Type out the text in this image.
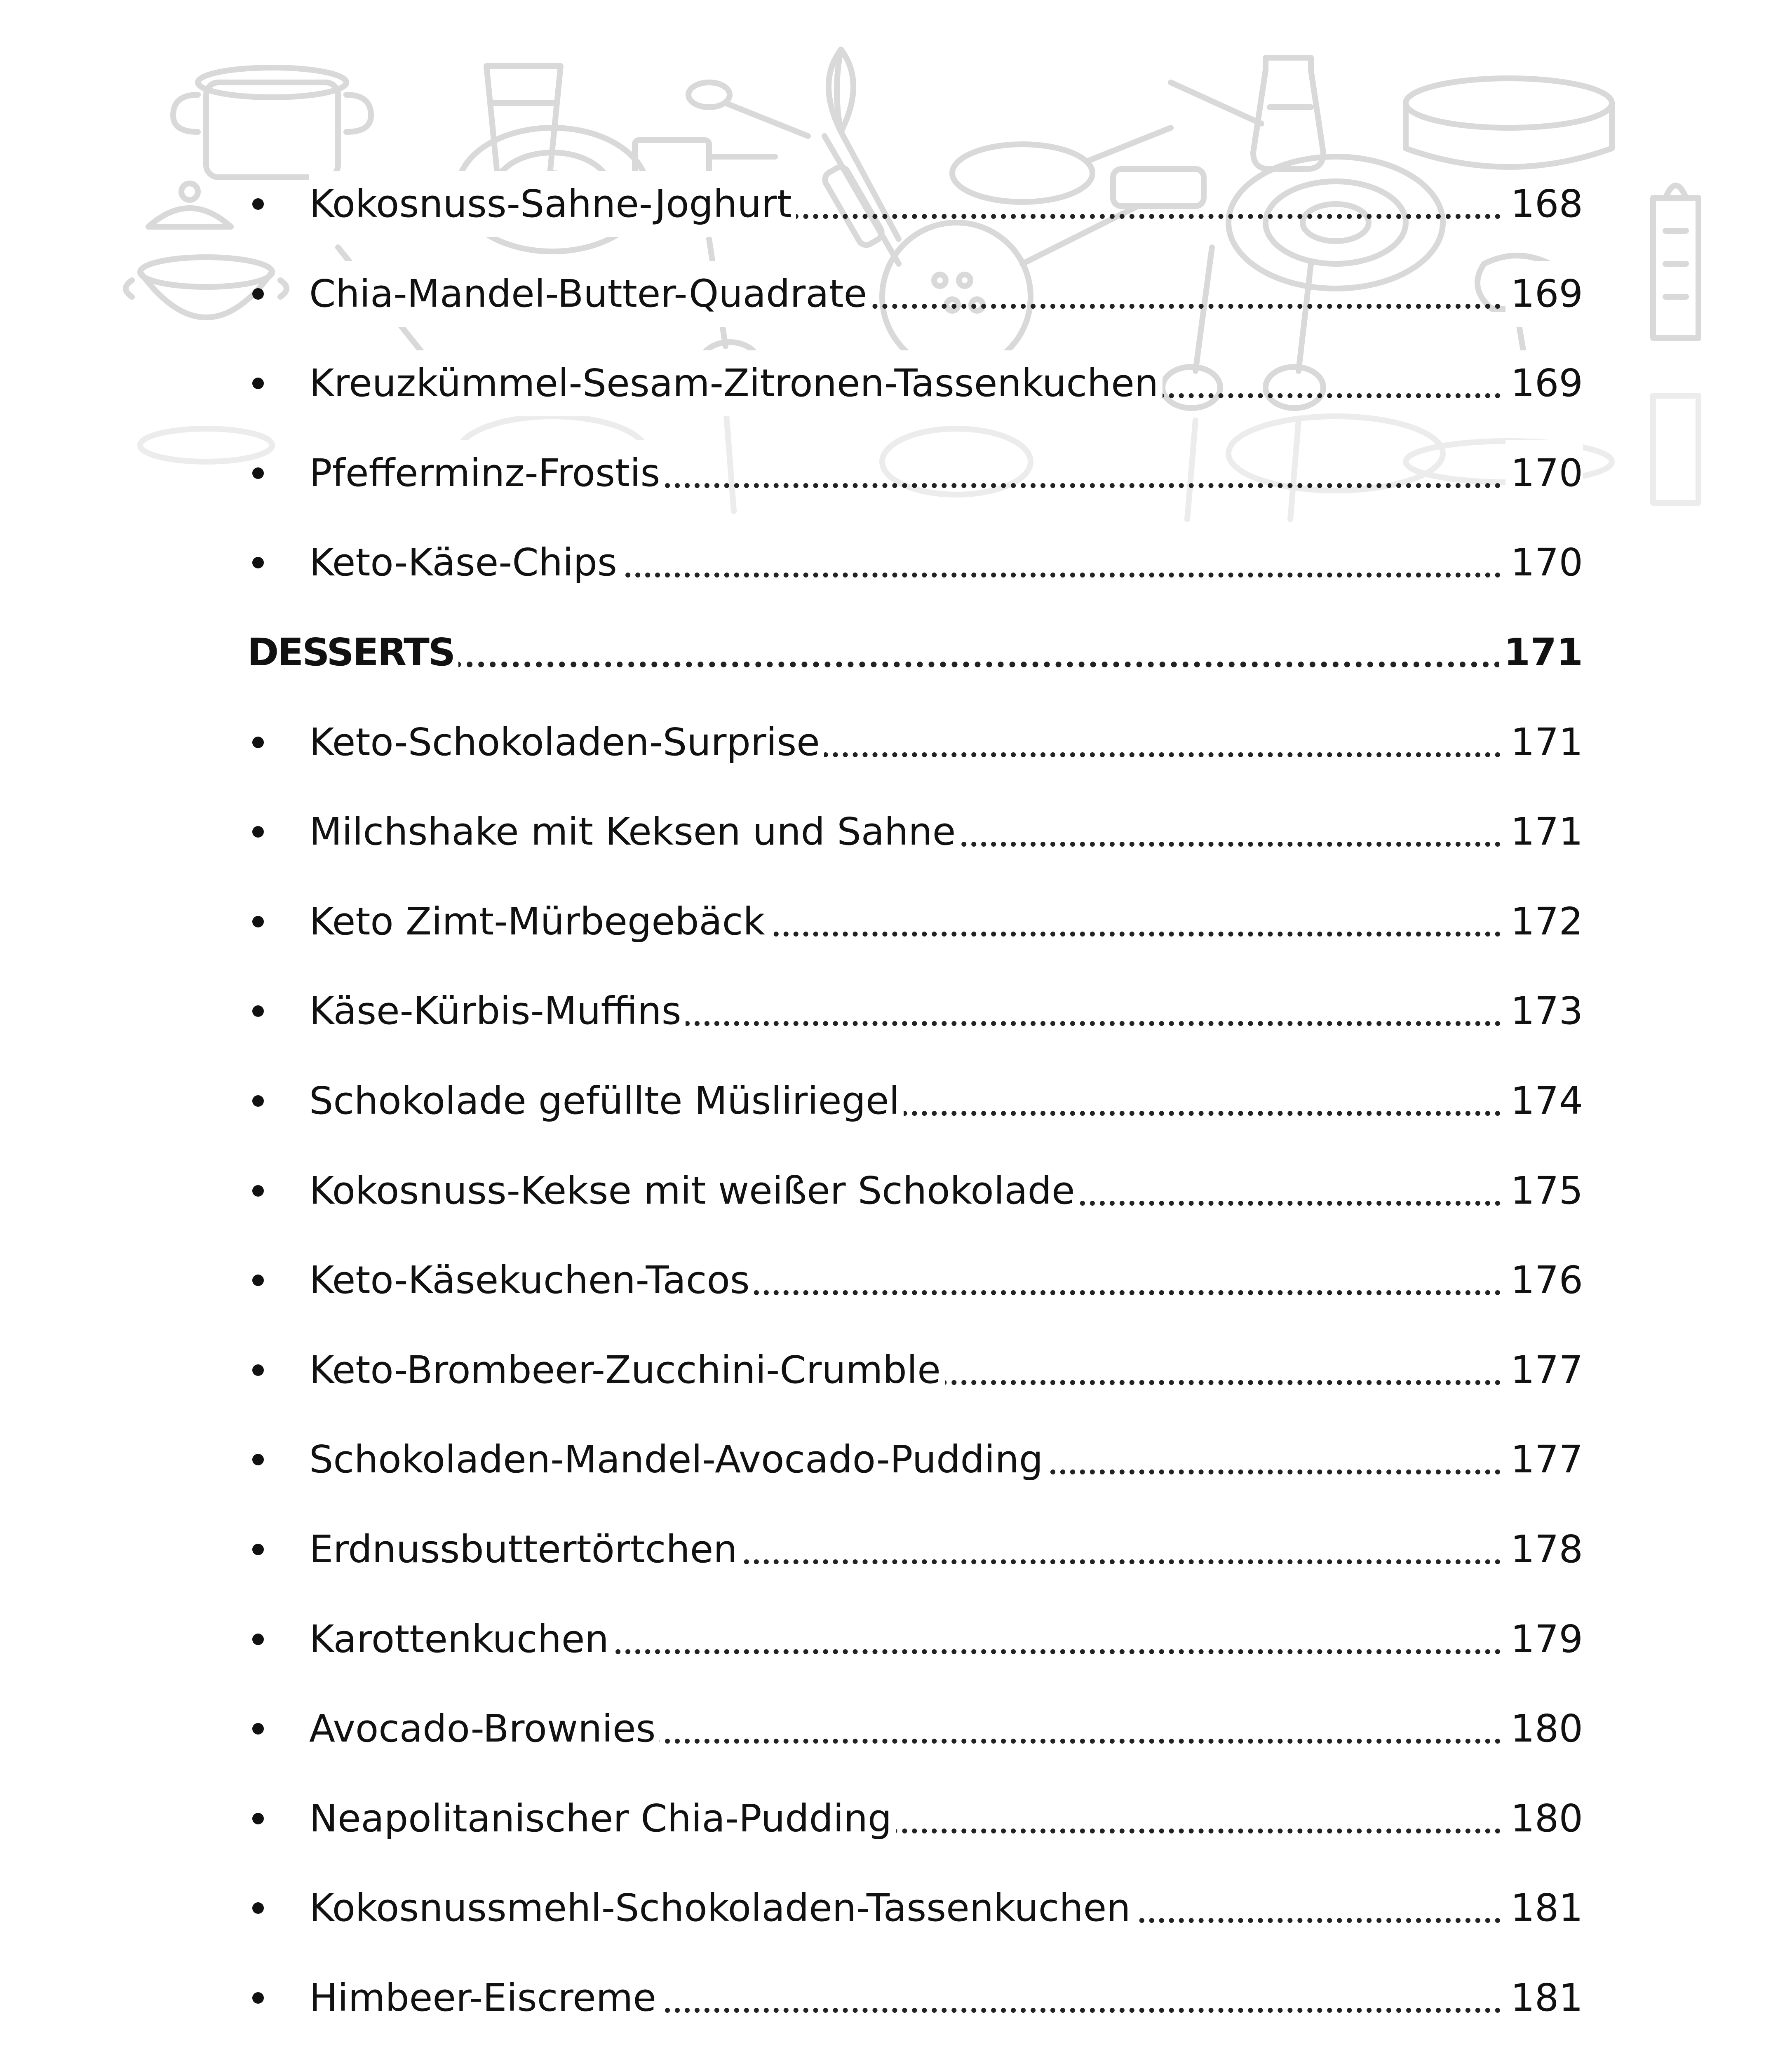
Kokosnuss-Sahne-Joghurt	168
Chia-Mandel-Butter-Quadrate	169
Kreuzkümmel-Sesam-Zitronen-Tassenkuchen	169
Pfefferminz-Frostis	170
Keto-Käse-Chips	170
DESSERTS	171
Keto-Schokoladen-Surprise	171
Milchshake mit Keksen und Sahne	171
Keto Zimt-Mürbegebäck	172
Käse-Kürbis-Muffins	173
Schokolade gefüllte Müsliriegel	174
Kokosnuss-Kekse mit weißer Schokolade	175
Keto-Käsekuchen-Tacos	176
Keto-Brombeer-Zucchini-Crumble	177
Schokoladen-Mandel-Avocado-Pudding	177
Erdnussbuttertörtchen	178
Karottenkuchen	179
Avocado-Brownies	180
Neapolitanischer Chia-Pudding	180
Kokosnussmehl-Schokoladen-Tassenkuchen	181
Himbeer-Eiscreme	181
